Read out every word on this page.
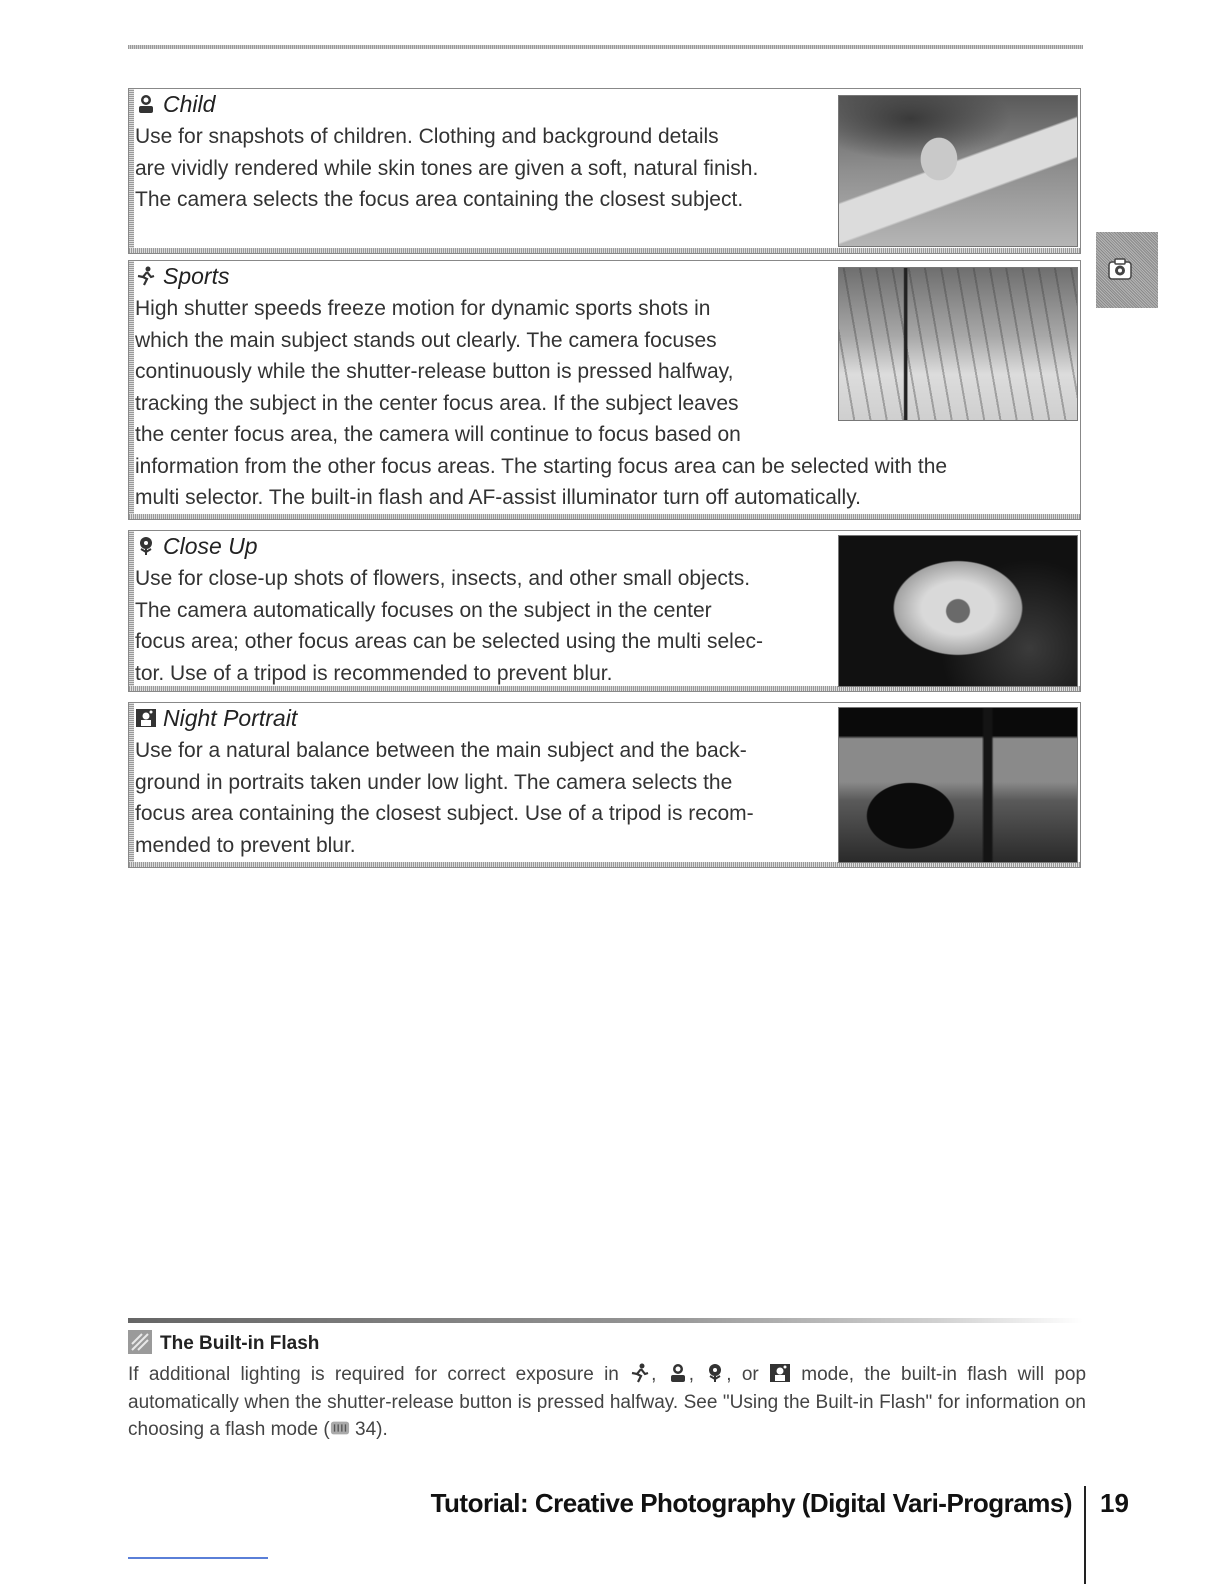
Child
Use for snapshots of children. Clothing and background details
are vividly rendered while skin tones are given a soft, natural finish.
The camera selects the focus area containing the closest subject.
Sports
High shutter speeds freeze motion for dynamic sports shots in
which the main subject stands out clearly. The camera focuses
continuously while the shutter-release button is pressed halfway,
tracking the subject in the center focus area. If the subject leaves
the center focus area, the camera will continue to focus based on
information from the other focus areas. The starting focus area can be selected with the
multi selector. The built-in flash and AF-assist illuminator turn off automatically.
Close Up
Use for close-up shots of flowers, insects, and other small objects.
The camera automatically focuses on the subject in the center
focus area; other focus areas can be selected using the multi selec-
tor. Use of a tripod is recommended to prevent blur.
Night Portrait
Use for a natural balance between the main subject and the back-
ground in portraits taken under low light. The camera selects the
focus area containing the closest subject. Use of a tripod is recom-
mended to prevent blur.
The Built-in Flash
If additional lighting is required for correct exposure in , , , or  mode, the built-in flash will pop automatically when the shutter-release button is pressed halfway. See "Using the Built-in Flash" for information on choosing a flash mode ( 34).
Tutorial: Creative Photography (Digital Vari-Programs) 19
